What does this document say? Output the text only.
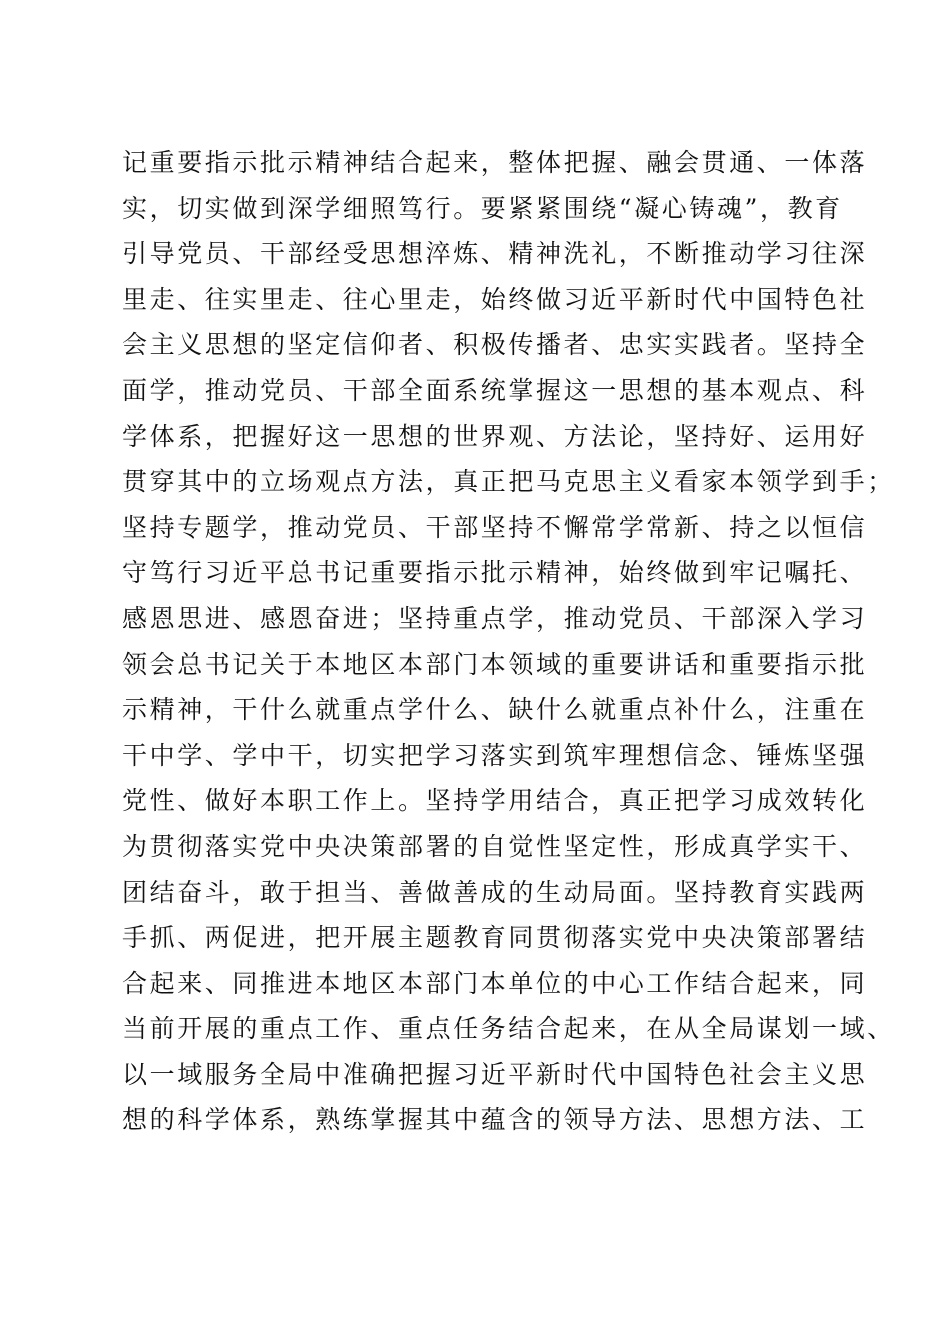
记重要指示批示精神结合起来，整体把握、融会贯通、一体落
实，切实做到深学细照笃行。要紧紧围绕“凝心铸魂”，教育
引导党员、干部经受思想淬炼、精神洗礼，不断推动学习往深
里走、往实里走、往心里走，始终做习近平新时代中国特色社
会主义思想的坚定信仰者、积极传播者、忠实实践者。坚持全
面学，推动党员、干部全面系统掌握这一思想的基本观点、科
学体系，把握好这一思想的世界观、方法论，坚持好、运用好
贯穿其中的立场观点方法，真正把马克思主义看家本领学到手；
坚持专题学，推动党员、干部坚持不懈常学常新、持之以恒信
守笃行习近平总书记重要指示批示精神，始终做到牢记嘱托、
感恩思进、感恩奋进；坚持重点学，推动党员、干部深入学习
领会总书记关于本地区本部门本领域的重要讲话和重要指示批
示精神，干什么就重点学什么、缺什么就重点补什么，注重在
干中学、学中干，切实把学习落实到筑牢理想信念、锤炼坚强
党性、做好本职工作上。坚持学用结合，真正把学习成效转化
为贯彻落实党中央决策部署的自觉性坚定性，形成真学实干、
团结奋斗，敢于担当、善做善成的生动局面。坚持教育实践两
手抓、两促进，把开展主题教育同贯彻落实党中央决策部署结
合起来、同推进本地区本部门本单位的中心工作结合起来，同
当前开展的重点工作、重点任务结合起来，在从全局谋划一域、
以一域服务全局中准确把握习近平新时代中国特色社会主义思
想的科学体系，熟练掌握其中蕴含的领导方法、思想方法、工
